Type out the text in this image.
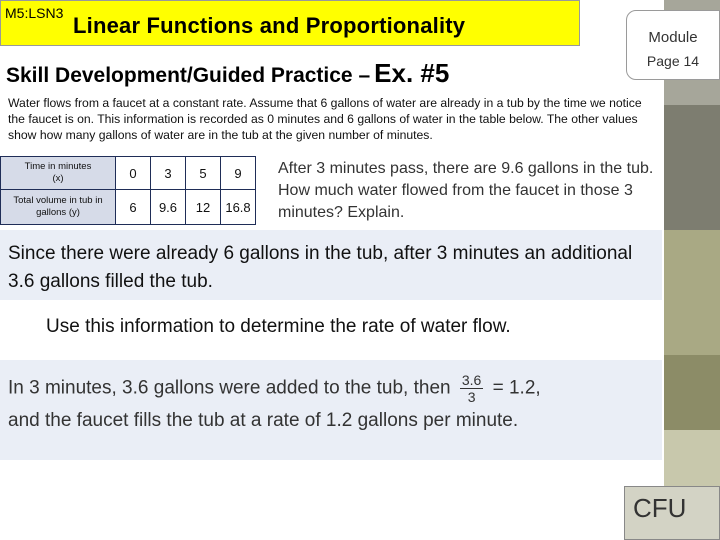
M5:LSN3 Linear Functions and Proportionality	Module
Page 14
Skill Development/Guided Practice – Ex. #5
Water flows from a faucet at a constant rate. Assume that 6 gallons of water are already in a tub by the time we notice the faucet is on. This information is recorded as 0 minutes and 6 gallons of water in the table below. The other values show how many gallons of water are in the tub at the given number of minutes.
Time in minutes
(x)	0	3	5	9

Total volume in tub in
gallons (y)	6	9.6	12	16.8
After 3 minutes pass, there are 9.6 gallons in the tub. How much water flowed from the faucet in those 3 minutes? Explain.
Since there were already 6 gallons in the tub, after 3 minutes an additional 3.6 gallons filled the tub.
Use this information to determine the rate of water flow.
In 3 minutes, 3.6 gallons were added to the tub, then $\frac{3.6}{3} = 1.2$,
and the faucet fills the tub at a rate of 1.2 gallons per minute.
CFU
